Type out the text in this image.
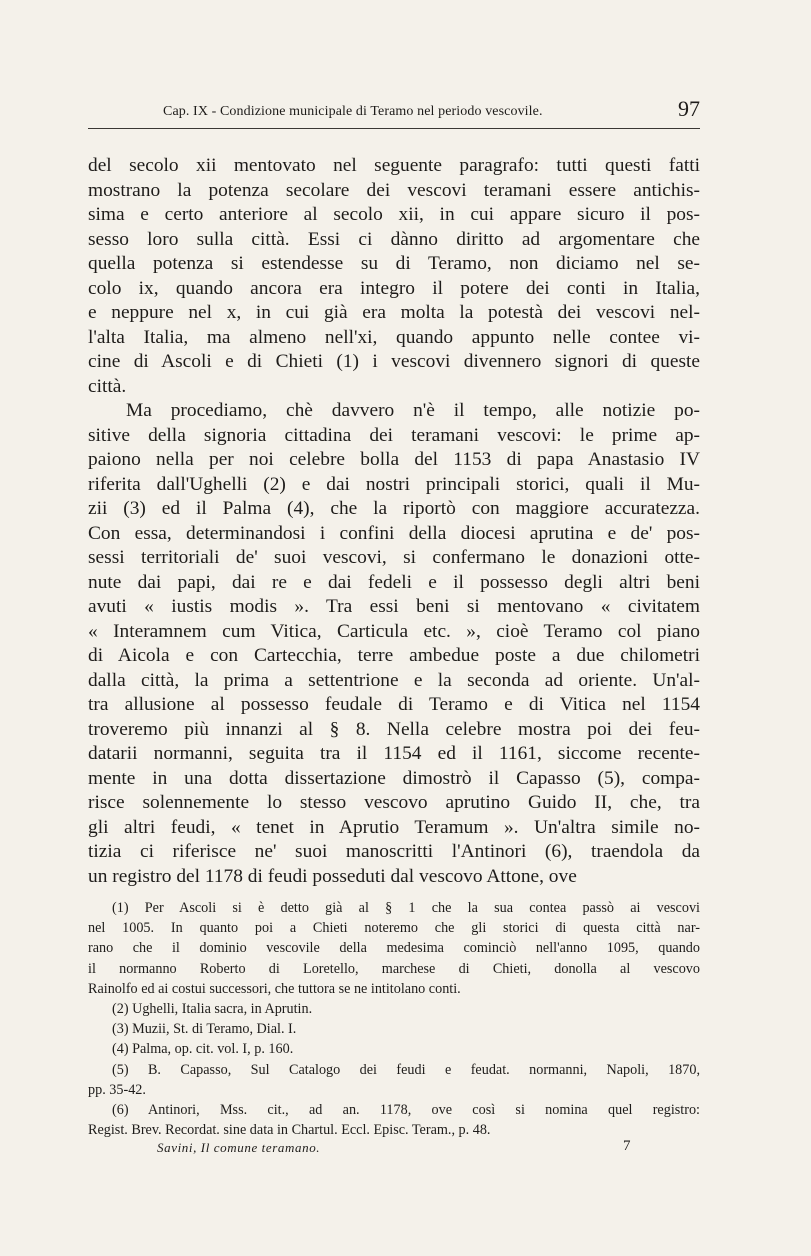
Cap. IX - Condizione municipale di Teramo nel periodo vescovile.	97
del secolo xii mentovato nel seguente paragrafo: tutti questi fatti
mostrano la potenza secolare dei vescovi teramani essere antichis-
sima e certo anteriore al secolo xii, in cui appare sicuro il pos-
sesso loro sulla città. Essi ci dànno diritto ad argomentare che
quella potenza si estendesse su di Teramo, non diciamo nel se-
colo ix, quando ancora era integro il potere dei conti in Italia,
e neppure nel x, in cui già era molta la potestà dei vescovi nel-
l'alta Italia, ma almeno nell'xi, quando appunto nelle contee vi-
cine di Ascoli e di Chieti (1) i vescovi divennero signori di queste
città.
Ma procediamo, chè davvero n'è il tempo, alle notizie po-
sitive della signoria cittadina dei teramani vescovi: le prime ap-
paiono nella per noi celebre bolla del 1153 di papa Anastasio IV
riferita dall'Ughelli (2) e dai nostri principali storici, quali il Mu-
zii (3) ed il Palma (4), che la riportò con maggiore accuratezza.
Con essa, determinandosi i confini della diocesi aprutina e de' pos-
sessi territoriali de' suoi vescovi, si confermano le donazioni otte-
nute dai papi, dai re e dai fedeli e il possesso degli altri beni
avuti « iustis modis ». Tra essi beni si mentovano « civitatem
« Interamnem cum Vitica, Carticula etc. », cioè Teramo col piano
di Aicola e con Cartecchia, terre ambedue poste a due chilometri
dalla città, la prima a settentrione e la seconda ad oriente. Un'al-
tra allusione al possesso feudale di Teramo e di Vitica nel 1154
troveremo più innanzi al § 8. Nella celebre mostra poi dei feu-
datarii normanni, seguita tra il 1154 ed il 1161, siccome recente-
mente in una dotta dissertazione dimostrò il Capasso (5), compa-
risce solennemente lo stesso vescovo aprutino Guido II, che, tra
gli altri feudi, « tenet in Aprutio Teramum ». Un'altra simile no-
tizia ci riferisce ne' suoi manoscritti l'Antinori (6), traendola da
un registro del 1178 di feudi posseduti dal vescovo Attone, ove
(1) Per Ascoli si è detto già al § 1 che la sua contea passò ai vescovi
nel 1005. In quanto poi a Chieti noteremo che gli storici di questa città nar-
rano che il dominio vescovile della medesima cominciò nell'anno 1095, quando
il normanno Roberto di Loretello, marchese di Chieti, donolla al vescovo
Rainolfo ed ai costui successori, che tuttora se ne intitolano conti.
(2) Ughelli, Italia sacra, in Aprutin.
(3) Muzii, St. di Teramo, Dial. I.
(4) Palma, op. cit. vol. I, p. 160.
(5) B. Capasso, Sul Catalogo dei feudi e feudat. normanni, Napoli, 1870,
pp. 35-42.
(6) Antinori, Mss. cit., ad an. 1178, ove così si nomina quel registro:
Regist. Brev. Recordat. sine data in Chartul. Eccl. Episc. Teram., p. 48.
Savini, Il comune teramano.	7
